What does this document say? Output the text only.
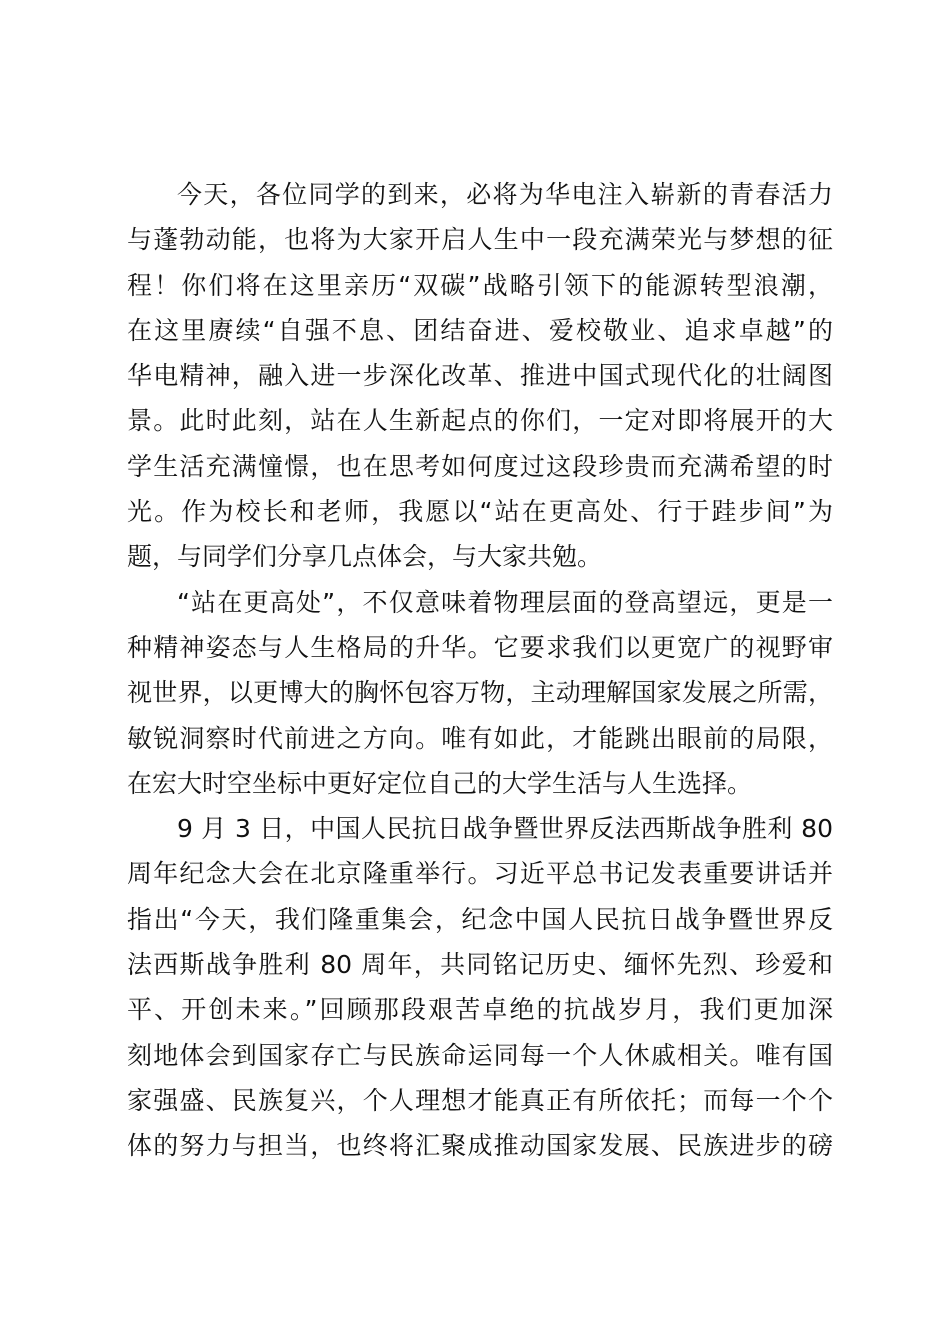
今天，各位同学的到来，必将为华电注入崭新的青春活力
与蓬勃动能，也将为大家开启人生中一段充满荣光与梦想的征
程！你们将在这里亲历“双碳”战略引领下的能源转型浪潮，
在这里赓续“自强不息、团结奋进、爱校敬业、追求卓越”的
华电精神，融入进一步深化改革、推进中国式现代化的壮阔图
景。此时此刻，站在人生新起点的你们，一定对即将展开的大
学生活充满憧憬，也在思考如何度过这段珍贵而充满希望的时
光。作为校长和老师，我愿以“站在更高处、行于跬步间”为
题，与同学们分享几点体会，与大家共勉。
“站在更高处”，不仅意味着物理层面的登高望远，更是一
种精神姿态与人生格局的升华。它要求我们以更宽广的视野审
视世界，以更博大的胸怀包容万物，主动理解国家发展之所需，
敏锐洞察时代前进之方向。唯有如此，才能跳出眼前的局限，
在宏大时空坐标中更好定位自己的大学生活与人生选择。
9 月 3 日，中国人民抗日战争暨世界反法西斯战争胜利 80
周年纪念大会在北京隆重举行。习近平总书记发表重要讲话并
指出“今天，我们隆重集会，纪念中国人民抗日战争暨世界反
法西斯战争胜利 80 周年，共同铭记历史、缅怀先烈、珍爱和
平、开创未来。”回顾那段艰苦卓绝的抗战岁月，我们更加深
刻地体会到国家存亡与民族命运同每一个人休戚相关。唯有国
家强盛、民族复兴，个人理想才能真正有所依托；而每一个个
体的努力与担当，也终将汇聚成推动国家发展、民族进步的磅
